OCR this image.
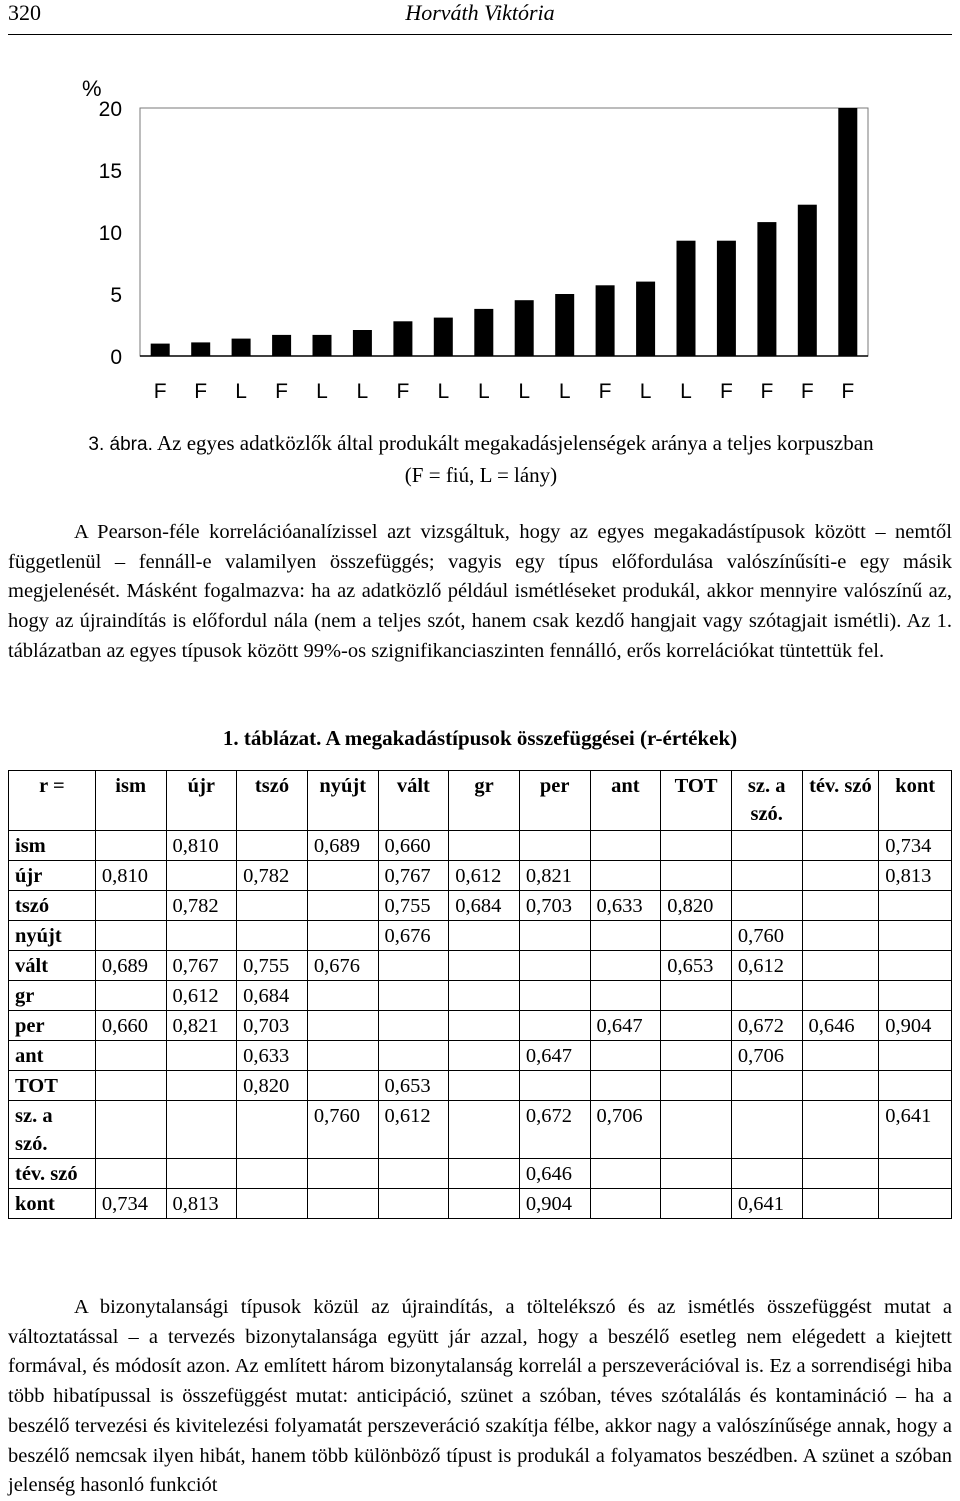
320	Horváth Viktória
%
0
5
10
15
20
F F L F L L F L L L L F L L F F F F
3. ábra. Az egyes adatközlők által produkált megakadásjelenségek aránya a teljes korpuszban
(F = fiú, L = lány)

A Pearson-féle korrelációanalízissel azt vizsgáltuk, hogy az egyes megakadástípusok között – nemtől függetlenül – fennáll-e valamilyen összefüggés; vagyis egy típus előfordulása valószínűsíti-e egy másik megjelenését. Másként fogalmazva: ha az adatközlő például ismétléseket produkál, akkor mennyire valószínű az, hogy az újraindítás is előfordul nála (nem a teljes szót, hanem csak kezdő hangjait vagy szótagjait ismétli). Az 1. táblázatban az egyes típusok között 99%-os szignifikanciaszinten fennálló, erős korrelációkat tüntettük fel.

1. táblázat. A megakadástípusok összefüggései (r-értékek)
r =	ism	újr	tszó	nyújt	vált	gr	per	ant	TOT	sz. a szó.	tév. szó	kont
ism		0,810		0,689	0,660							0,734
újr	0,810		0,782		0,767	0,612	0,821					0,813
tszó		0,782			0,755	0,684	0,703	0,633	0,820			
nyújt					0,676					0,760		
vált	0,689	0,767	0,755	0,676					0,653	0,612		
gr		0,612	0,684									
per	0,660	0,821	0,703					0,647		0,672	0,646	0,904
ant			0,633				0,647			0,706		
TOT			0,820		0,653							
sz. a szó.				0,760	0,612		0,672	0,706				0,641
tév. szó							0,646					
kont	0,734	0,813					0,904			0,641		

A bizonytalansági típusok közül az újraindítás, a töltelékszó és az ismétlés összefüggést mutat a változtatással – a tervezés bizonytalansága együtt jár azzal, hogy a beszélő esetleg nem elégedett a kiejtett formával, és módosít azon. Az említett három bizonytalanság korrelál a perszeverációval is. Ez a sorrendiségi hiba több hibatípussal is összefüggést mutat: anticipáció, szünet a szóban, téves szótalálás és kontamináció – ha a beszélő tervezési és kivitelezési folyamatát perszeveráció szakítja félbe, akkor nagy a valószínűsége annak, hogy a beszélő nemcsak ilyen hibát, hanem több különböző típust is produkál a folyamatos beszédben. A szünet a szóban jelenség hasonló funkciót
